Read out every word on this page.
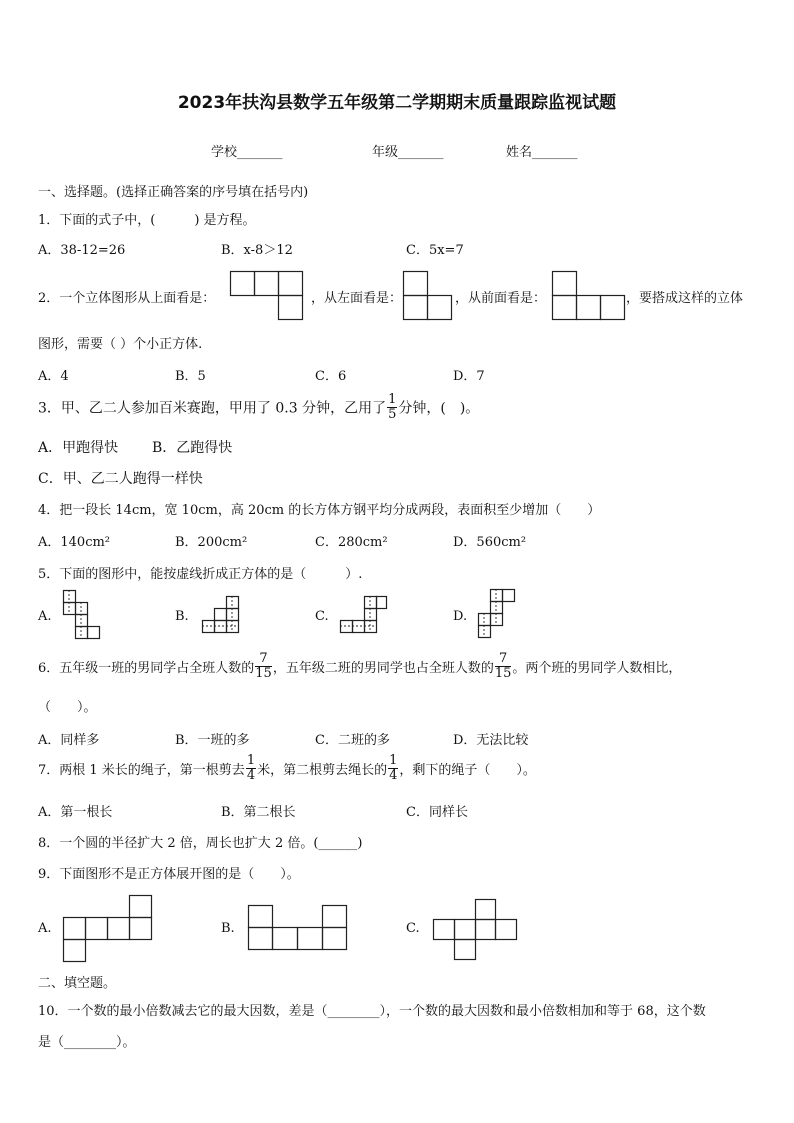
2023年扶沟县数学五年级第二学期期末质量跟踪监视试题
学校_______	年级_______	姓名_______
一、选择题。(选择正确答案的序号填在括号内)
1．下面的式子中，(　　　) 是方程。
A．38-12=26	B．x-8＞12	C．5x=7
2．一个立体图形从上面看是：	，从左面看是：	，从前面看是：	，要搭成这样的立体
图形，需要（ ）个小正方体.
A．4	B．5	C．6	D．7
3．甲、乙二人参加百米赛跑，甲用了 0.3 分钟，乙用了 $\frac{1}{5}$ 分钟，(　)。
A．甲跑得快 B．乙跑得快
C．甲、乙二人跑得一样快
4．把一段长 14cm，宽 10cm，高 20cm 的长方体方钢平均分成两段，表面积至少增加（　　）
A．140cm²	B．200cm²	C．280cm²	D．560cm²
5．下面的图形中，能按虚线折成正方体的是（　　　）.
A.	B.	C.	D.
6．五年级一班的男同学占全班人数的 $\frac{7}{15}$ ，五年级二班的男同学也占全班人数的 $\frac{7}{15}$ 。两个班的男同学人数相比，
（　　）。
A．同样多	B．一班的多	C．二班的多	D．无法比较
7．两根 1 米长的绳子，第一根剪去 $\frac{1}{4}$ 米，第二根剪去绳长的 $\frac{1}{4}$ ，剩下的绳子（　　）。
A．第一根长	B．第二根长	C．同样长
8．一个圆的半径扩大 2 倍，周长也扩大 2 倍。(______)
9．下面图形不是正方体展开图的是（　　）。
A.	B.	C.
二、填空题。
10．一个数的最小倍数减去它的最大因数，差是（________），一个数的最大因数和最小倍数相加和等于 68，这个数
是（________）。
